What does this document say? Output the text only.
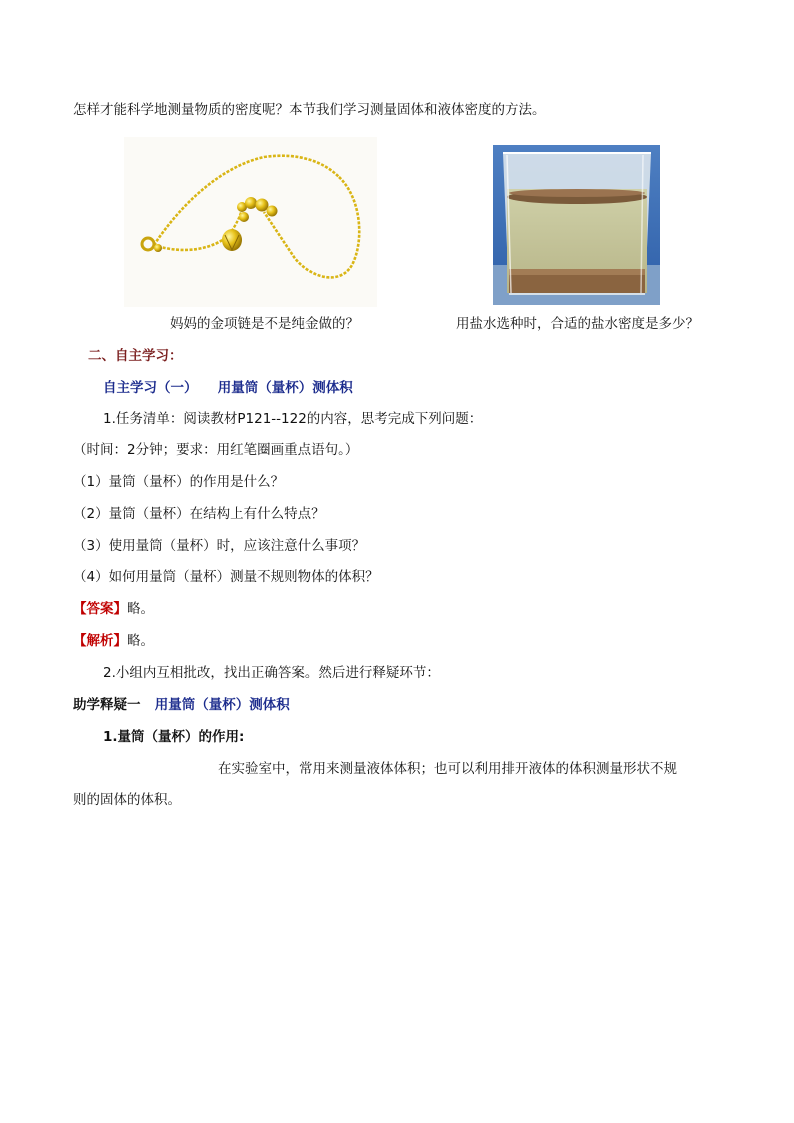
怎样才能科学地测量物质的密度呢？本节我们学习测量固体和液体密度的方法。
妈妈的金项链是不是纯金做的？	用盐水选种时，合适的盐水密度是多少？
二、自主学习：
自主学习（一） 用量筒（量杯）测体积
1.任务清单：阅读教材P121--122的内容，思考完成下列问题：
（时间：2分钟；要求：用红笔圈画重点语句。）
（1）量筒（量杯）的作用是什么？
（2）量筒（量杯）在结构上有什么特点？
（3）使用量筒（量杯）时，应该注意什么事项？
（4）如何用量筒（量杯）测量不规则物体的体积？
【答案】略。
【解析】略。
2.小组内互相批改，找出正确答案。然后进行释疑环节：
助学释疑一 用量筒（量杯）测体积
1.量筒（量杯）的作用:
在实验室中，常用来测量液体体积；也可以利用排开液体的体积测量形状不规
则的固体的体积。
